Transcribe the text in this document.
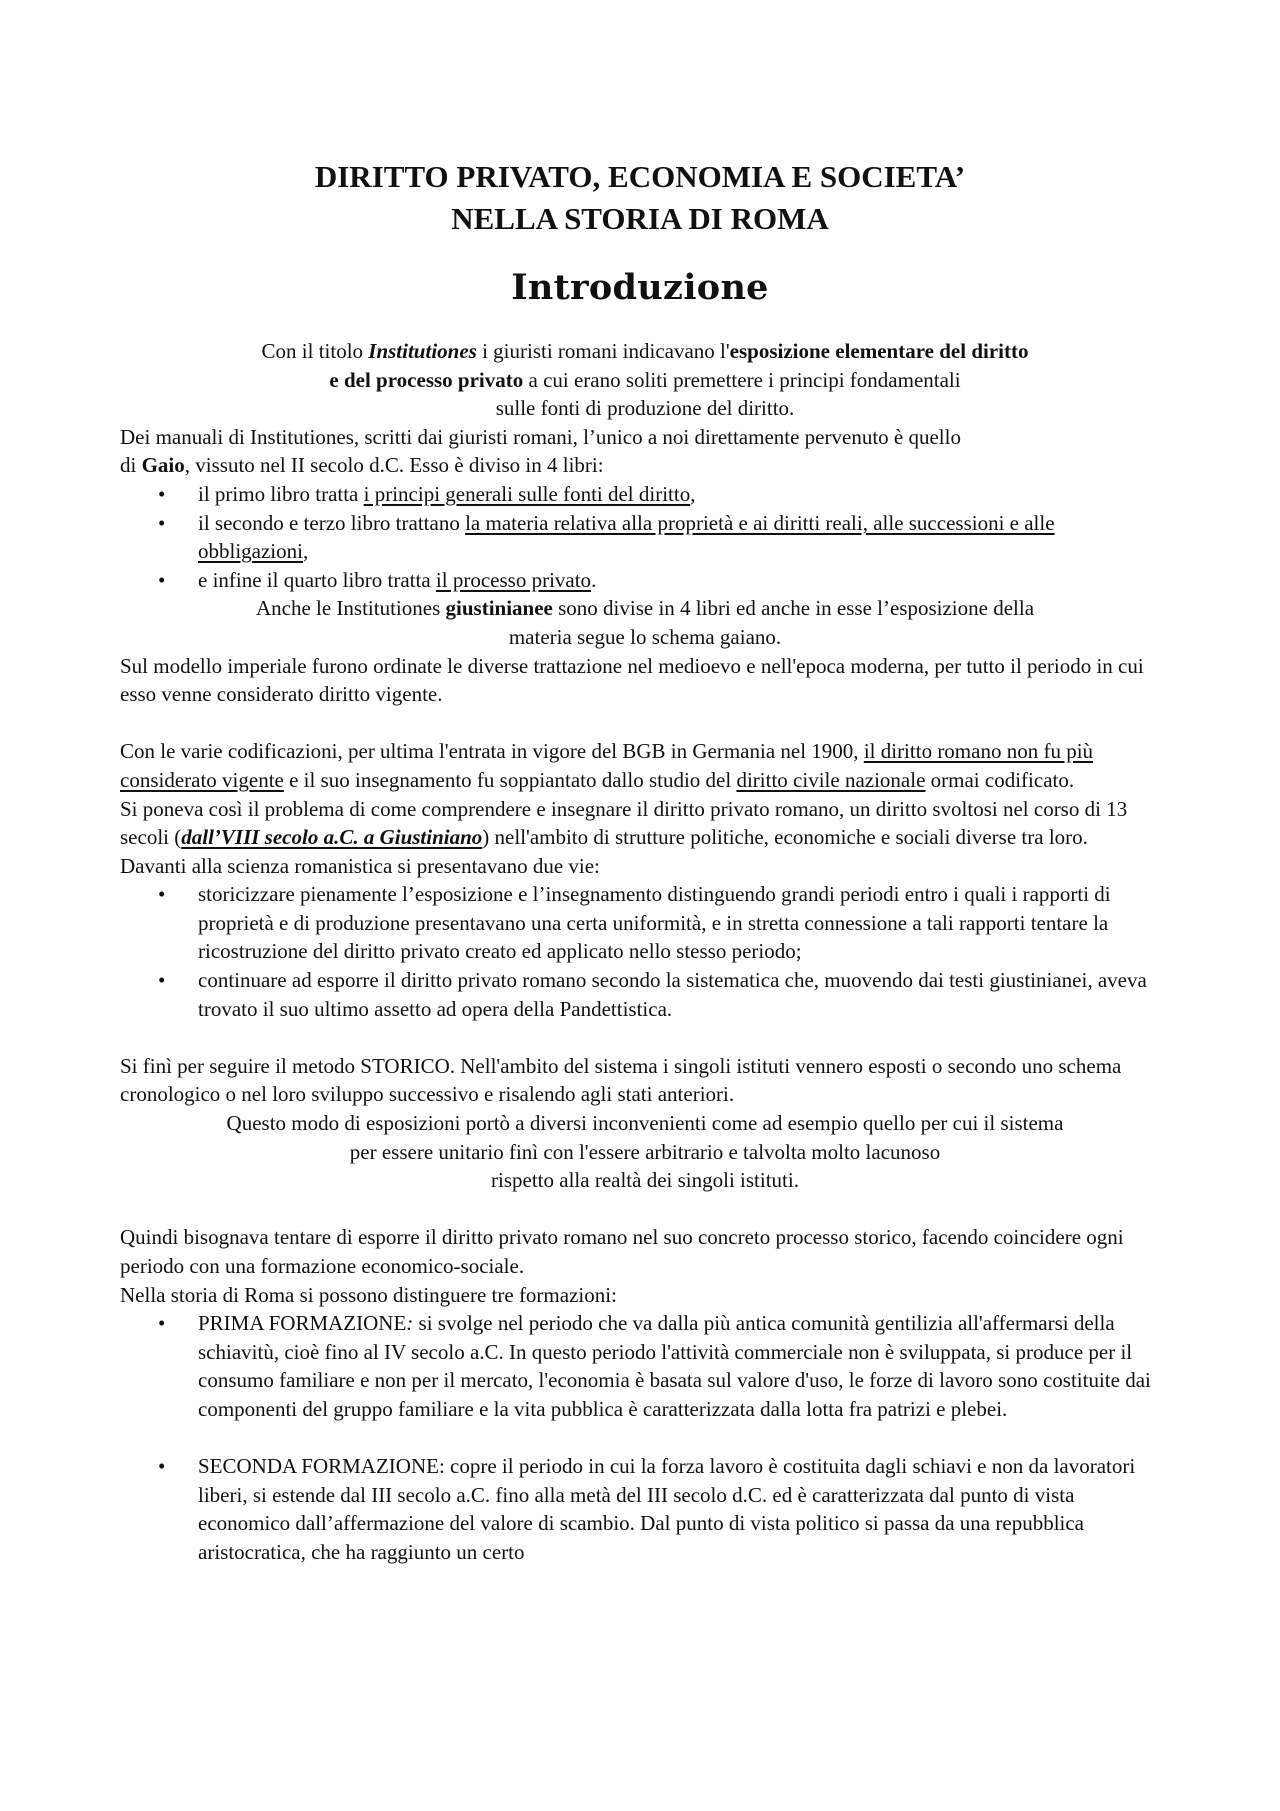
DIRITTO PRIVATO, ECONOMIA E SOCIETA’
NELLA STORIA DI ROMA
Introduzione

Con il titolo Institutiones i giuristi romani indicavano l'esposizione elementare del diritto
e del processo privato a cui erano soliti premettere i principi fondamentali
sulle fonti di produzione del diritto.

Dei manuali di Institutiones, scritti dai giuristi romani, l’unico a noi direttamente pervenuto è quello
di Gaio, vissuto nel II secolo d.C. Esso è diviso in 4 libri:

• il primo libro tratta i principi generali sulle fonti del diritto,
• il secondo e terzo libro trattano la materia relativa alla proprietà e ai diritti reali, alle successioni e alle obbligazioni,
• e infine il quarto libro tratta il processo privato.

Anche le Institutiones giustinianee sono divise in 4 libri ed anche in esse l’esposizione della
materia segue lo schema gaiano.

Sul modello imperiale furono ordinate le diverse trattazione nel medioevo e nell'epoca moderna, per tutto il periodo in cui esso venne considerato diritto vigente.

Con le varie codificazioni, per ultima l'entrata in vigore del BGB in Germania nel 1900, il diritto romano non fu più considerato vigente e il suo insegnamento fu soppiantato dallo studio del diritto civile nazionale ormai codificato.

Si poneva così il problema di come comprendere e insegnare il diritto privato romano, un diritto svoltosi nel corso di 13 secoli (dall’VIII secolo a.C. a Giustiniano) nell'ambito di strutture politiche, economiche e sociali diverse tra loro.

Davanti alla scienza romanistica si presentavano due vie:

• storicizzare pienamente l’esposizione e l’insegnamento distinguendo grandi periodi entro i quali i rapporti di proprietà e di produzione presentavano una certa uniformità, e in stretta connessione a tali rapporti tentare la ricostruzione del diritto privato creato ed applicato nello stesso periodo;
• continuare ad esporre il diritto privato romano secondo la sistematica che, muovendo dai testi giustinianei, aveva trovato il suo ultimo assetto ad opera della Pandettistica.

Si finì per seguire il metodo STORICO. Nell'ambito del sistema i singoli istituti vennero esposti o secondo uno schema cronologico o nel loro sviluppo successivo e risalendo agli stati anteriori.

Questo modo di esposizioni portò a diversi inconvenienti come ad esempio quello per cui il sistema
per essere unitario finì con l'essere arbitrario e talvolta molto lacunoso
rispetto alla realtà dei singoli istituti.

Quindi bisognava tentare di esporre il diritto privato romano nel suo concreto processo storico, facendo coincidere ogni periodo con una formazione economico-sociale.

Nella storia di Roma si possono distinguere tre formazioni:

• PRIMA FORMAZIONE: si svolge nel periodo che va dalla più antica comunità gentilizia all'affermarsi della schiavitù, cioè fino al IV secolo a.C. In questo periodo l'attività commerciale non è sviluppata, si produce per il consumo familiare e non per il mercato, l'economia è basata sul valore d'uso, le forze di lavoro sono costituite dai componenti del gruppo familiare e la vita pubblica è caratterizzata dalla lotta fra patrizi e plebei.
• SECONDA FORMAZIONE: copre il periodo in cui la forza lavoro è costituita dagli schiavi e non da lavoratori liberi, si estende dal III secolo a.C. fino alla metà del III secolo d.C. ed è caratterizzata dal punto di vista economico dall’affermazione del valore di scambio. Dal punto di vista politico si passa da una repubblica aristocratica, che ha raggiunto un certo
